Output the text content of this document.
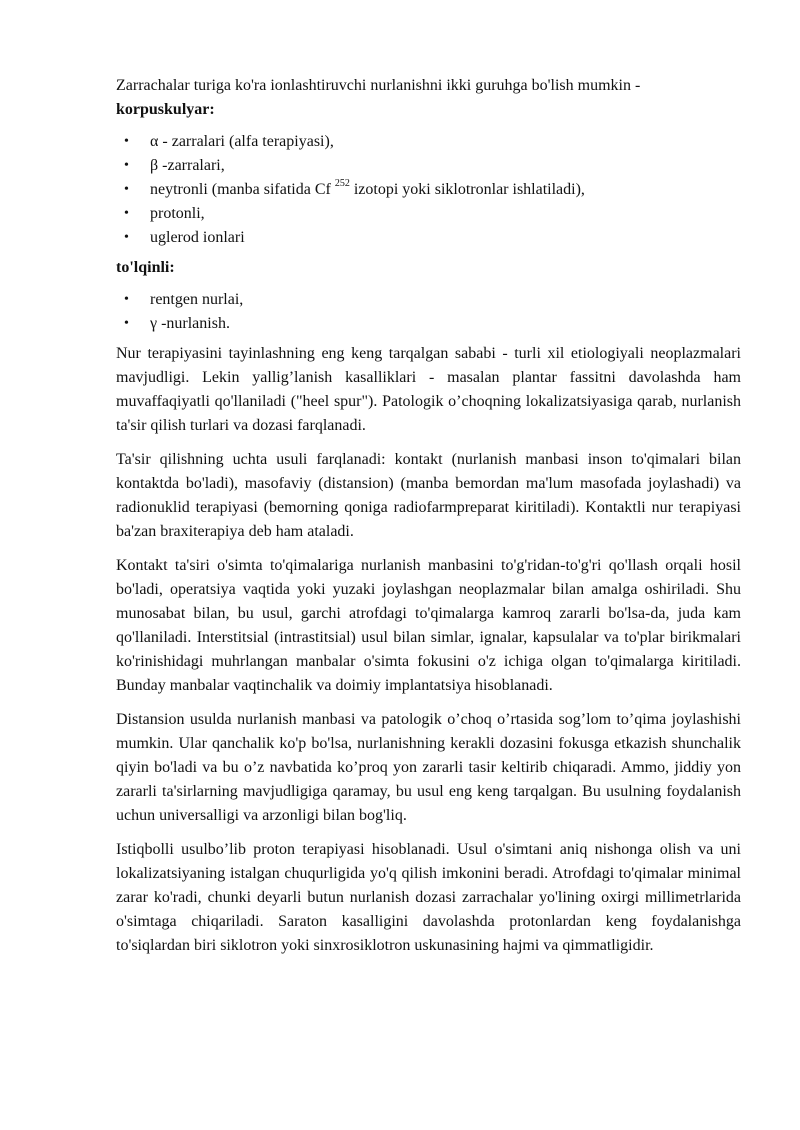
Zarrachalar turiga ko'ra ionlashtiruvchi nurlanishni ikki guruhga bo'lish mumkin -
korpuskulyar:
• α - zarralari (alfa terapiyasi),
• β -zarralari,
• neytronli (manba sifatida Cf $^{252}$ izotopi yoki siklotronlar ishlatiladi),
• protonli,
• uglerod ionlari
to'lqinli:
• rentgen nurlai,
• γ -nurlanish.

Nur terapiyasini tayinlashning eng keng tarqalgan sababi - turli xil etiologiyali neoplazmalari mavjudligi. Lekin yallig’lanish kasalliklari - masalan plantar fassitni davolashda ham muvaffaqiyatli qo'llaniladi ("heel spur"). Patologik o’choqning lokalizatsiyasiga qarab, nurlanish ta'sir qilish turlari va dozasi farqlanadi.

Ta'sir qilishning uchta usuli farqlanadi: kontakt (nurlanish manbasi inson to'qimalari bilan kontaktda bo'ladi), masofaviy (distansion) (manba bemordan ma'lum masofada joylashadi) va radionuklid terapiyasi (bemorning qoniga radiofarmpreparat kiritiladi). Kontaktli nur terapiyasi ba'zan braxiterapiya deb ham ataladi.

Kontakt ta'siri o'simta to'qimalariga nurlanish manbasini to'g'ridan-to'g'ri qo'llash orqali hosil bo'ladi, operatsiya vaqtida yoki yuzaki joylashgan neoplazmalar bilan amalga oshiriladi. Shu munosabat bilan, bu usul, garchi atrofdagi to'qimalarga kamroq zararli bo'lsa-da, juda kam qo'llaniladi. Interstitsial (intrastitsial) usul bilan simlar, ignalar, kapsulalar va to'plar birikmalari ko'rinishidagi muhrlangan manbalar o'simta fokusini o'z ichiga olgan to'qimalarga kiritiladi. Bunday manbalar vaqtinchalik va doimiy implantatsiya hisoblanadi.

Distansion usulda nurlanish manbasi va patologik o’choq o’rtasida sog’lom to’qima joylashishi mumkin. Ular qanchalik ko'p bo'lsa, nurlanishning kerakli dozasini fokusga etkazish shunchalik qiyin bo'ladi va bu o’z navbatida ko’proq yon zararli tasir keltirib chiqaradi. Ammo, jiddiy yon zararli ta'sirlarning mavjudligiga qaramay, bu usul eng keng tarqalgan. Bu usulning foydalanish uchun universalligi va arzonligi bilan bog'liq.

Istiqbolli usulbo’lib proton terapiyasi hisoblanadi. Usul o'simtani aniq nishonga olish va uni lokalizatsiyaning istalgan chuqurligida yo'q qilish imkonini beradi. Atrofdagi to'qimalar minimal zarar ko'radi, chunki deyarli butun nurlanish dozasi zarrachalar yo'lining oxirgi millimetrlarida o'simtaga chiqariladi. Saraton kasalligini davolashda protonlardan keng foydalanishga to'siqlardan biri siklotron yoki sinxrosiklotron uskunasining hajmi va qimmatligidir.
